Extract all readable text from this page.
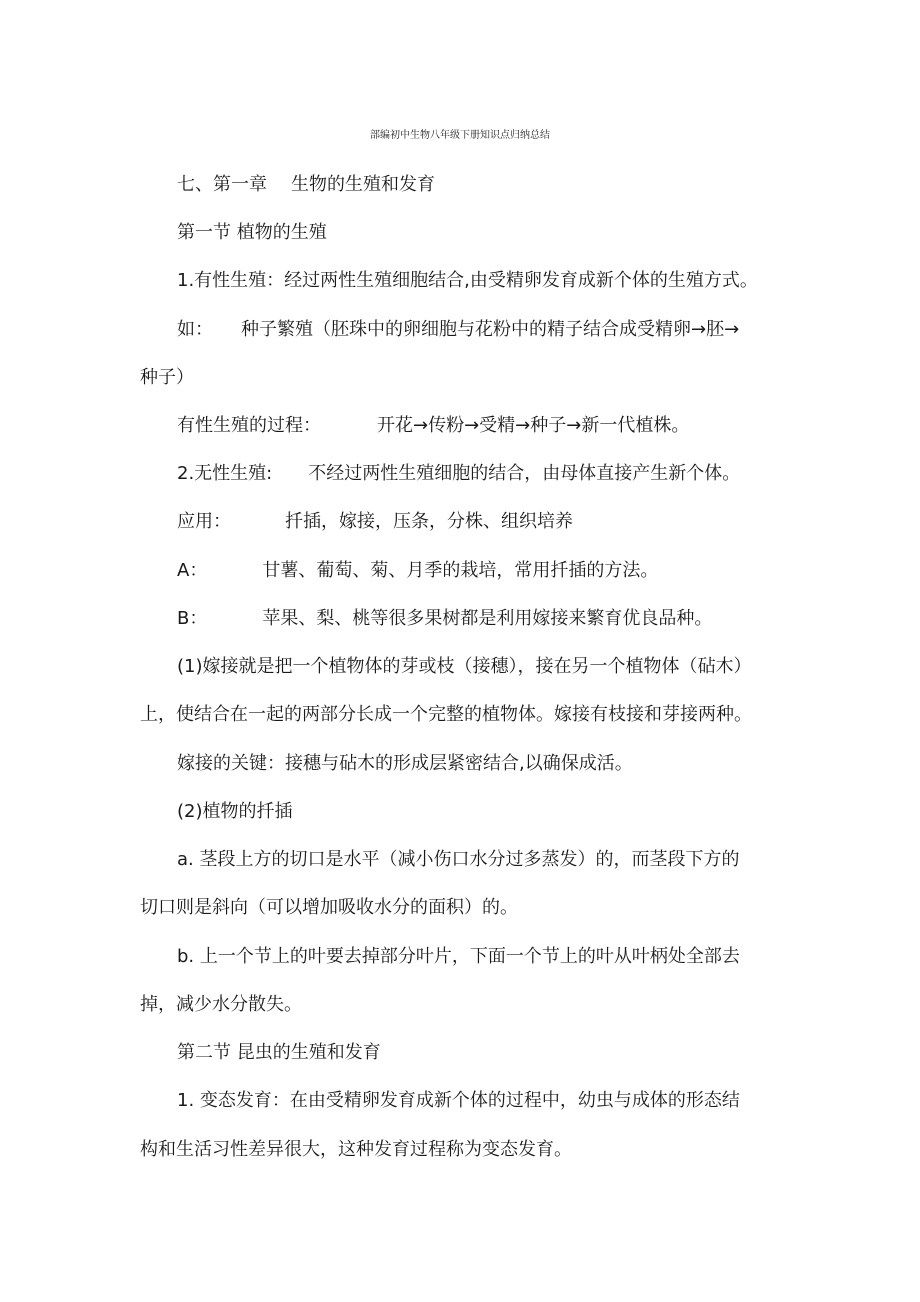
部编初中生物八年级下册知识点归纳总结
七、第一章 生物的生殖和发育
第一节 植物的生殖
1.有性生殖：经过两性生殖细胞结合,由受精卵发育成新个体的生殖方式。
如： 种子繁殖（胚珠中的卵细胞与花粉中的精子结合成受精卵→胚→
种子）
有性生殖的过程：	开花→传粉→受精→种子→新一代植株。
2.无性生殖: 不经过两性生殖细胞的结合，由母体直接产生新个体。
应用：	扦插，嫁接，压条，分株、组织培养
A：	甘薯、葡萄、菊、月季的栽培，常用扦插的方法。
B：	苹果、梨、桃等很多果树都是利用嫁接来繁育优良品种。
(1)嫁接就是把一个植物体的芽或枝（接穗），接在另一个植物体（砧木）
上，使结合在一起的两部分长成一个完整的植物体。嫁接有枝接和芽接两种。
嫁接的关键：接穗与砧木的形成层紧密结合,以确保成活。
(2)植物的扦插
a. 茎段上方的切口是水平（减小伤口水分过多蒸发）的，而茎段下方的
切口则是斜向（可以增加吸收水分的面积）的。
b. 上一个节上的叶要去掉部分叶片，下面一个节上的叶从叶柄处全部去
掉，减少水分散失。
第二节 昆虫的生殖和发育
1. 变态发育：在由受精卵发育成新个体的过程中，幼虫与成体的形态结
构和生活习性差异很大，这种发育过程称为变态发育。
